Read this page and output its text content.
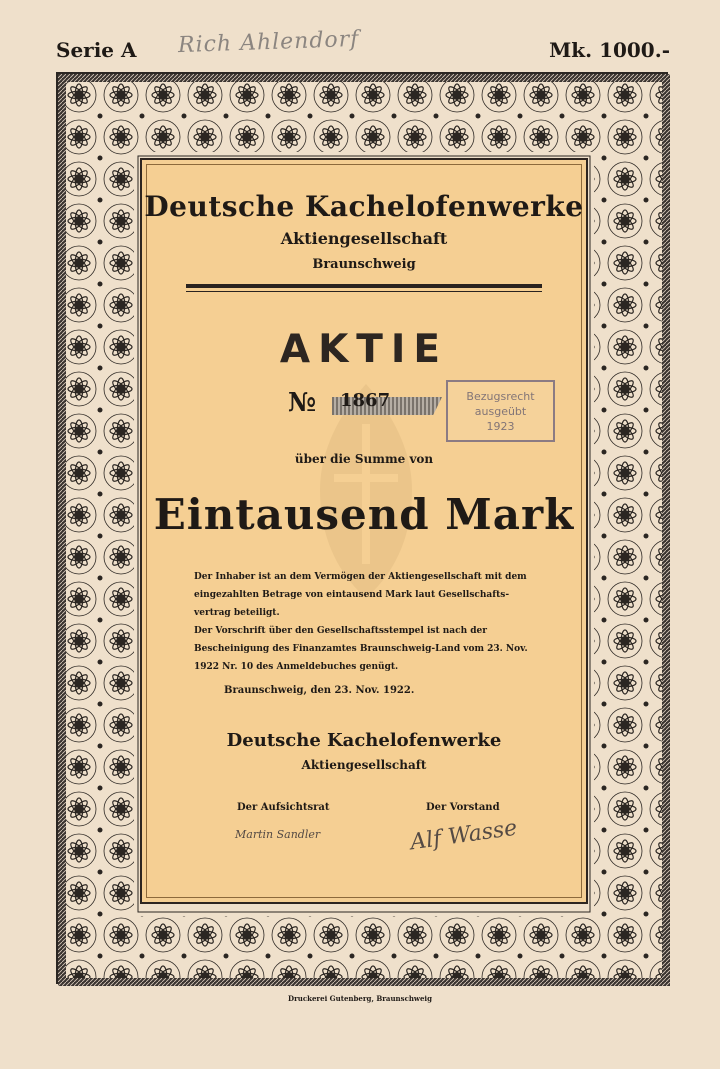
Serie A Rich Ahlendorf	Mk. 1000.-
Deutsche Kachelofenwerke
Aktiengesellschaft
Braunschweig
AKTIE
№ 1867	Bezugsrecht
ausgeübt
1923
über die Summe von
Eintausend Mark
Der Inhaber ist an dem Vermögen der Aktiengesellschaft mit dem eingezahlten Betrage von eintausend Mark laut Gesellschafts-vertrag beteiligt.
Der Vorschrift über den Gesellschaftsstempel ist nach der Bescheinigung des Finanzamtes Braunschweig-Land vom 23. Nov. 1922 Nr. 10 des Anmeldebuches genügt.
Braunschweig, den 23. Nov. 1922.
Deutsche Kachelofenwerke
Aktiengesellschaft
Der Aufsichtsrat	Der Vorstand
Martin Sandler	Alf Wasse
Druckerei Gutenberg, Braunschweig
